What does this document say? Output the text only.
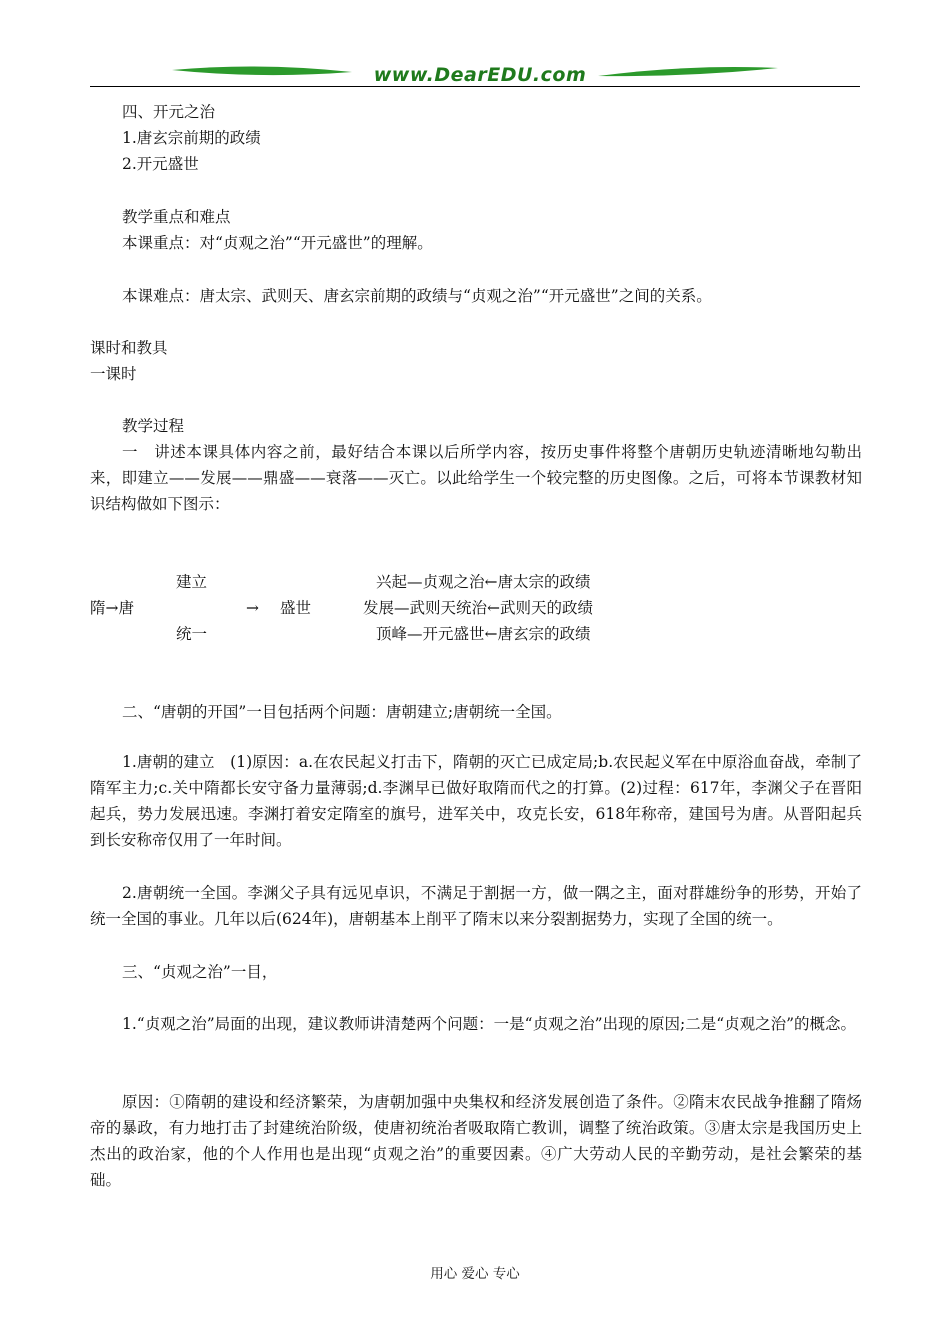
www.DearEDU.com
四、开元之治
1.唐玄宗前期的政绩
2.开元盛世
教学重点和难点
本课重点：对“贞观之治”“开元盛世”的理解。
本课难点：唐太宗、武则天、唐玄宗前期的政绩与“贞观之治”“开元盛世”之间的关系。
课时和教具
一课时
教学过程
一　讲述本课具体内容之前，最好结合本课以后所学内容，按历史事件将整个唐朝历史轨迹清晰地勾勒出来，即建立——发展——鼎盛——衰落——灭亡。以此给学生一个较完整的历史图像。之后，可将本节课教材知识结构做如下图示：
建立
隋→唐	→ 盛世
统一
兴起—贞观之治←唐太宗的政绩
发展—武则天统治←武则天的政绩
顶峰—开元盛世←唐玄宗的政绩
二、“唐朝的开国”一目包括两个问题：唐朝建立;唐朝统一全国。
1.唐朝的建立　(1)原因：a.在农民起义打击下，隋朝的灭亡已成定局;b.农民起义军在中原浴血奋战，牵制了隋军主力;c.关中隋都长安守备力量薄弱;d.李渊早已做好取隋而代之的打算。(2)过程：617年，李渊父子在晋阳起兵，势力发展迅速。李渊打着安定隋室的旗号，进军关中，攻克长安，618年称帝，建国号为唐。从晋阳起兵到长安称帝仅用了一年时间。
2.唐朝统一全国。李渊父子具有远见卓识，不满足于割据一方，做一隅之主，面对群雄纷争的形势，开始了统一全国的事业。几年以后(624年)，唐朝基本上削平了隋末以来分裂割据势力，实现了全国的统一。
三、“贞观之治”一目，
1.“贞观之治”局面的出现，建议教师讲清楚两个问题：一是“贞观之治”出现的原因;二是“贞观之治”的概念。
原因：①隋朝的建设和经济繁荣，为唐朝加强中央集权和经济发展创造了条件。②隋末农民战争推翻了隋炀帝的暴政，有力地打击了封建统治阶级，使唐初统治者吸取隋亡教训，调整了统治政策。③唐太宗是我国历史上杰出的政治家，他的个人作用也是出现“贞观之治”的重要因素。④广大劳动人民的辛勤劳动，是社会繁荣的基础。
用心 爱心 专心
